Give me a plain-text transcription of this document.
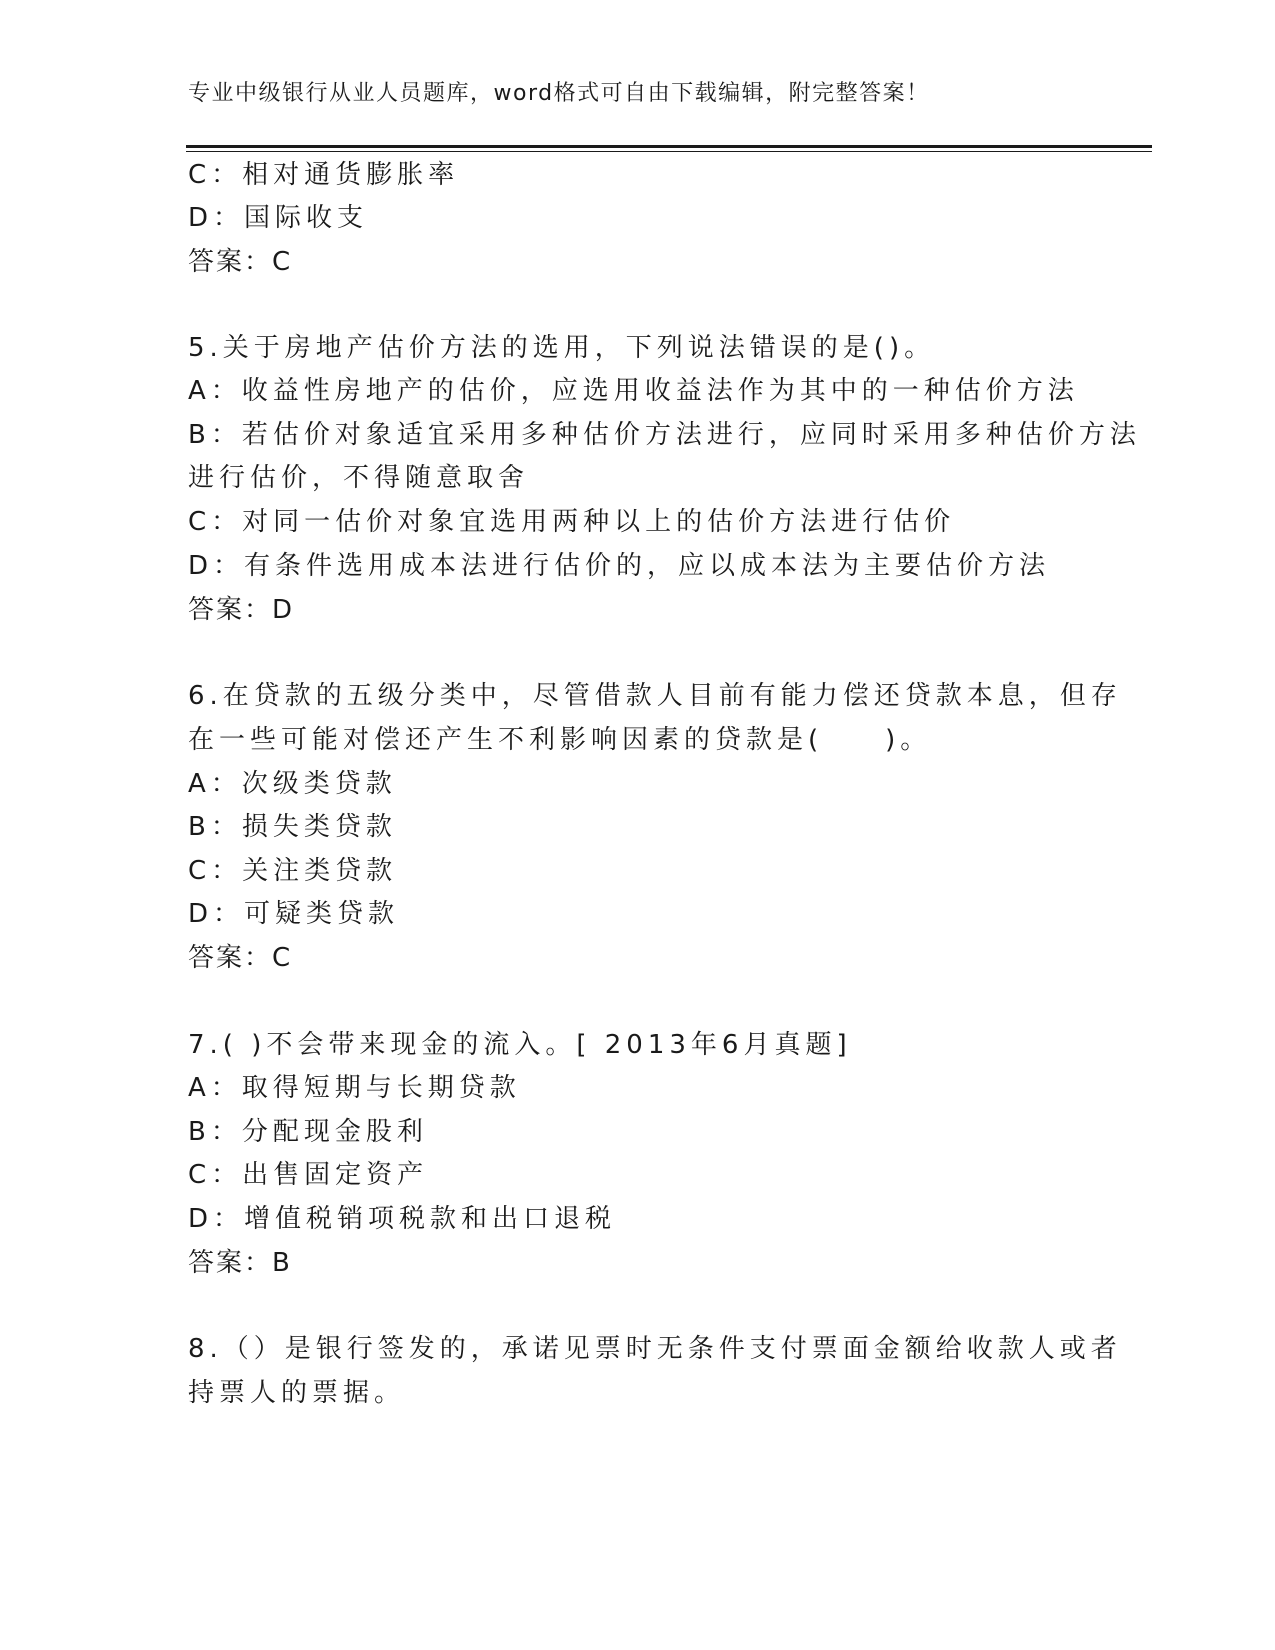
专业中级银行从业人员题库，word格式可自由下载编辑，附完整答案！
C：相对通货膨胀率
D：国际收支
答案：C
5.关于房地产估价方法的选用，下列说法错误的是()。
A：收益性房地产的估价，应选用收益法作为其中的一种估价方法
B：若估价对象适宜采用多种估价方法进行，应同时采用多种估价方法
进行估价，不得随意取舍
C：对同一估价对象宜选用两种以上的估价方法进行估价
D：有条件选用成本法进行估价的，应以成本法为主要估价方法
答案：D
6.在贷款的五级分类中，尽管借款人目前有能力偿还贷款本息，但存
在一些可能对偿还产生不利影响因素的贷款是(　　)。
A：次级类贷款
B：损失类贷款
C：关注类贷款
D：可疑类贷款
答案：C
7.( )不会带来现金的流入。[ 2013年6月真题]
A：取得短期与长期贷款
B：分配现金股利
C：出售固定资产
D：增值税销项税款和出口退税
答案：B
8.（）是银行签发的，承诺见票时无条件支付票面金额给收款人或者
持票人的票据。
